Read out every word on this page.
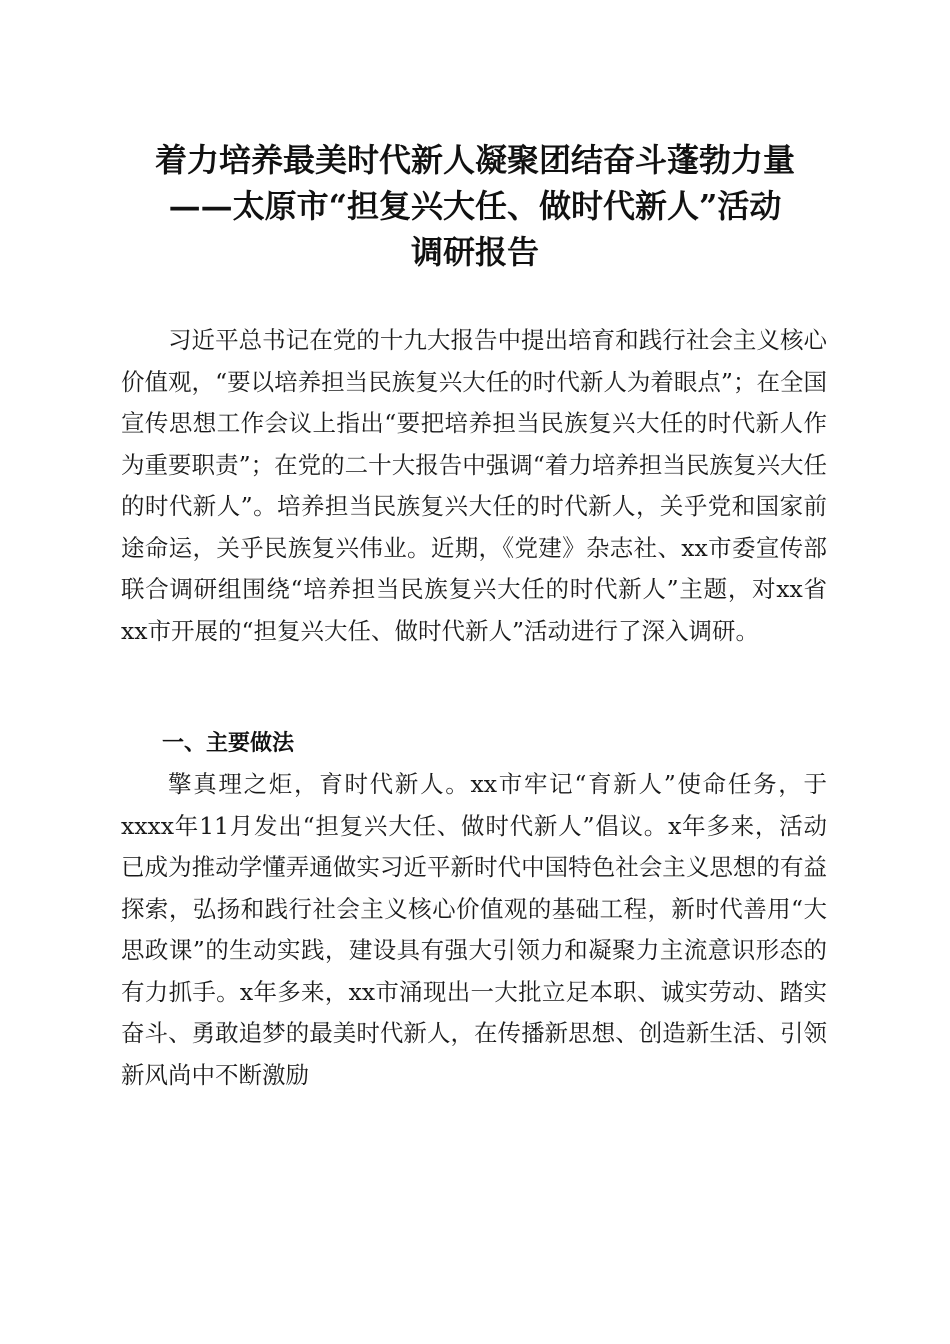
着力培养最美时代新人凝聚团结奋斗蓬勃力量
——太原市“担复兴大任、做时代新人”活动
调研报告
习近平总书记在党的十九大报告中提出培育和践行社会主义核心价值观，“要以培养担当民族复兴大任的时代新人为着眼点”；在全国宣传思想工作会议上指出“要把培养担当民族复兴大任的时代新人作为重要职责”；在党的二十大报告中强调“着力培养担当民族复兴大任的时代新人”。培养担当民族复兴大任的时代新人，关乎党和国家前途命运，关乎民族复兴伟业。近期，《党建》杂志社、xx市委宣传部联合调研组围绕“培养担当民族复兴大任的时代新人”主题，对xx省xx市开展的“担复兴大任、做时代新人”活动进行了深入调研。
一、主要做法
擎真理之炬，育时代新人。xx市牢记“育新人”使命任务，于xxxx年11月发出“担复兴大任、做时代新人”倡议。x年多来，活动已成为推动学懂弄通做实习近平新时代中国特色社会主义思想的有益探索，弘扬和践行社会主义核心价值观的基础工程，新时代善用“大思政课”的生动实践，建设具有强大引领力和凝聚力主流意识形态的有力抓手。x年多来，xx市涌现出一大批立足本职、诚实劳动、踏实奋斗、勇敢追梦的最美时代新人，在传播新思想、创造新生活、引领新风尚中不断激励
